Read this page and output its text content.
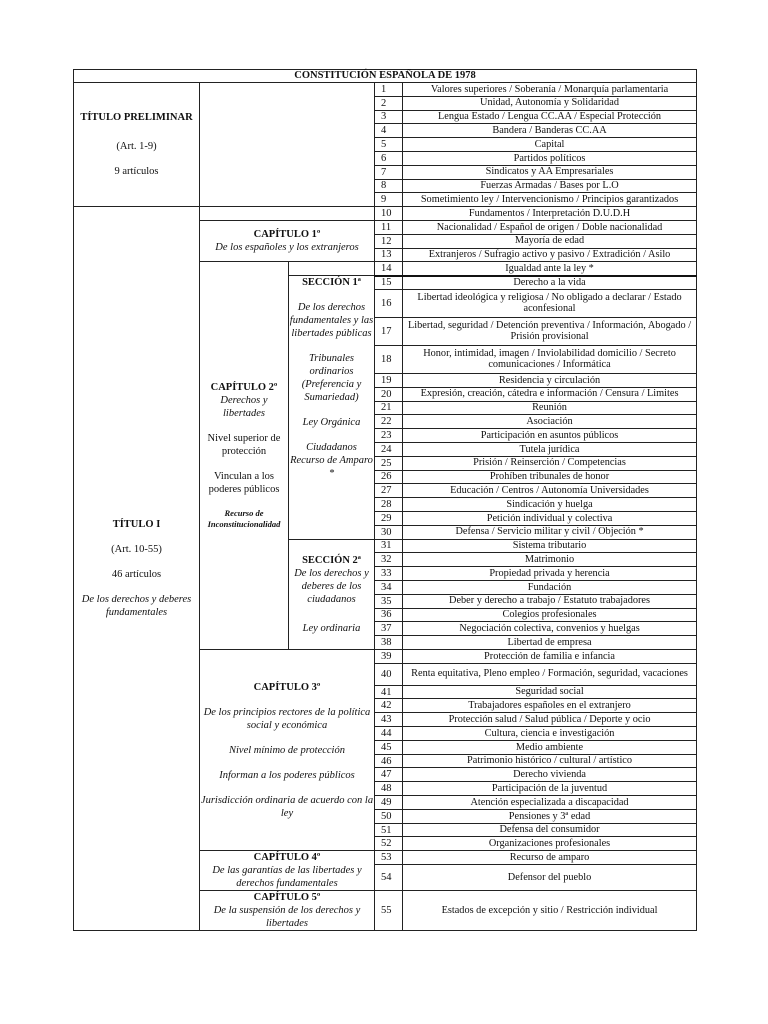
CONSTITUCIÓN ESPAÑOLA DE 1978				

TÍTULO PRELIMINAR
(Art. 1-9)
9 artículos			1	Valores superiores / Soberanía / Monarquía parlamentaria
			2	Unidad, Autonomía y Solidaridad
			3	Lengua Estado / Lengua CC.AA / Especial Protección
			4	Bandera / Banderas CC.AA
			5	Capital
			6	Partidos políticos
			7	Sindicatos y AA Empresariales
			8	Fuerzas Armadas / Bases por L.O
			9	Sometimiento ley / Intervencionismo / Principios garantizados

TÍTULO I
(Art. 10-55)
46 artículos
De los derechos y deberes fundamentales			10	Fundamentos / Interpretación D.U.D.H

	CAPÍTULO 1º
De los españoles y los extranjeros		11	Nacionalidad / Español de origen / Doble nacionalidad
			12	Mayoría de edad
			13	Extranjeros / Sufragio activo y pasivo / Extradición / Asilo

	CAPÍTULO 2º
Derechos y libertades
Nivel superior de protección
Vinculan a los poderes públicos
Recurso de Inconstitucionalidad		14	Igualdad ante la ley *

		SECCIÓN 1ª
De los derechos fundamentales y las libertades públicas
Tribunales ordinarios (Preferencia y Sumariedad)
Ley Orgánica
Ciudadanos Recurso de Amparo *	15	Derecho a la vida
			16	Libertad ideológica y religiosa / No obligado a declarar / Estado aconfesional
			17	Libertad, seguridad / Detención preventiva / Información, Abogado / Prisión provisional
			18	Honor, intimidad, imagen / Inviolabilidad domicilio / Secreto comunicaciones / Informática
			19	Residencia y circulación
			20	Expresión, creación, cátedra e información / Censura / Limites
			21	Reunión
			22	Asociación
			23	Participación en asuntos públicos
			24	Tutela jurídica
			25	Prisión / Reinserción / Competencias
			26	Prohíben tribunales de honor
			27	Educación / Centros / Autonomía Universidades
			28	Sindicación y huelga
			29	Petición individual y colectiva
			30	Defensa / Servicio militar y civil / Objeción *

		SECCIÓN 2ª
De los derechos y deberes de los ciudadanos
Ley ordinaria	31	Sistema tributario
			32	Matrimonio
			33	Propiedad privada y herencia
			34	Fundación
			35	Deber y derecho a trabajo / Estatuto trabajadores
			36	Colegios profesionales
			37	Negociación colectiva, convenios y huelgas
			38	Libertad de empresa

	CAPÍTULO 3º
De los principios rectores de la política social y económica
Nivel mínimo de protección
Informan a los poderes públicos
Jurisdicción ordinaria de acuerdo con la ley		39	Protección de familia e infancia
			40	Renta equitativa, Pleno empleo / Formación, seguridad, vacaciones
			41	Seguridad social
			42	Trabajadores españoles en el extranjero
			43	Protección salud / Salud pública / Deporte y ocio
			44	Cultura, ciencia e investigación
			45	Medio ambiente
			46	Patrimonio histórico / cultural / artístico
			47	Derecho vivienda
			48	Participación de la juventud
			49	Atención especializada a discapacidad
			50	Pensiones y 3ª edad
			51	Defensa del consumidor
			52	Organizaciones profesionales

	CAPÍTULO 4º
De las garantías de las libertades y derechos fundamentales		53	Recurso de amparo
			54	Defensor del pueblo

	CAPÍTULO 5º
De la suspensión de los derechos y libertades		55	Estados de excepción y sitio / Restricción individual
